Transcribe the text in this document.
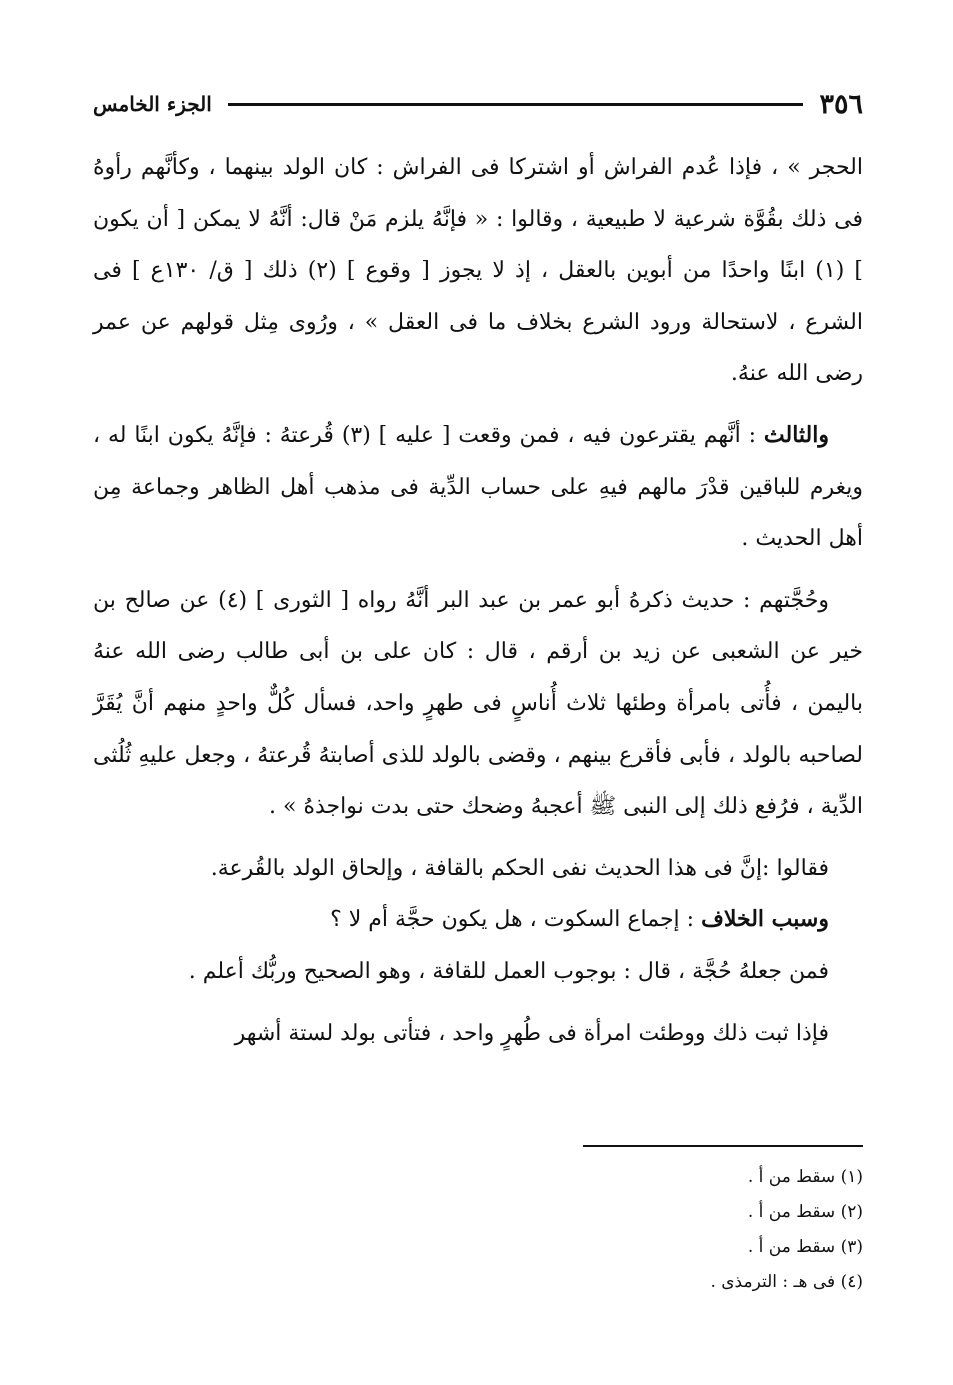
٣٥٦
الجزء الخامس

الحجر » ، فإذا عُدم الفراش أو اشتركا فى الفراش : كان الولد بينهما ، وكأنَّهم رأوهُ فى ذلك بقُوَّة شرعية لا طبيعية ، وقالوا : « فإنَّهُ يلزم مَنْ قال: أنَّهُ لا يمكن [ أن يكون ] (١) ابنًا واحدًا من أبوين بالعقل ، إذ لا يجوز [ وقوع ] (٢) ذلك [ ق/ ١٣٠ع ] فى الشرع ، لاستحالة ورود الشرع بخلاف ما فى العقل » ، ورُوى مِثل قولهم عن عمر رضى الله عنهُ.

والثالث : أنَّهم يقترعون فيه ، فمن وقعت [ عليه ] (٣) قُرعتهُ : فإنَّهُ يكون ابنًا له ، ويغرم للباقين قدْرَ مالهم فيهِ على حساب الدِّية فى مذهب أهل الظاهر وجماعة مِن أهل الحديث .

وحُجَّتهم : حديث ذكرهُ أبو عمر بن عبد البر أنَّهُ رواه [ الثورى ] (٤) عن صالح بن خير عن الشعبى عن زيد بن أرقم ، قال : كان على بن أبى طالب رضى الله عنهُ باليمن ، فأُتى بامرأة وطئها ثلاث أُناسٍ فى طهرٍ واحد، فسأل كُلٌّ واحدٍ منهم أنَّ يُقَرَّ لصاحبه بالولد ، فأبى فأقرع بينهم ، وقضى بالولد للذى أصابتهُ قُرعتهُ ، وجعل عليهِ ثُلُثى الدِّية ، فرُفع ذلك إلى النبى ﷺ أعجبهُ وضحك حتى بدت نواجذهُ » .

فقالوا :إنَّ فى هذا الحديث نفى الحكم بالقافة ، وإلحاق الولد بالقُرعة.

وسبب الخلاف : إجماع السكوت ، هل يكون حجَّة أم لا ؟

فمن جعلهُ حُجَّة ، قال : بوجوب العمل للقافة ، وهو الصحيح وربُّك أعلم .

فإذا ثبت ذلك ووطئت امرأة فى طُهرٍ واحد ، فتأتى بولد لستة أشهر

(١) سقط من أ .
(٢) سقط من أ .
(٣) سقط من أ .
(٤) فى هـ : الترمذى .
